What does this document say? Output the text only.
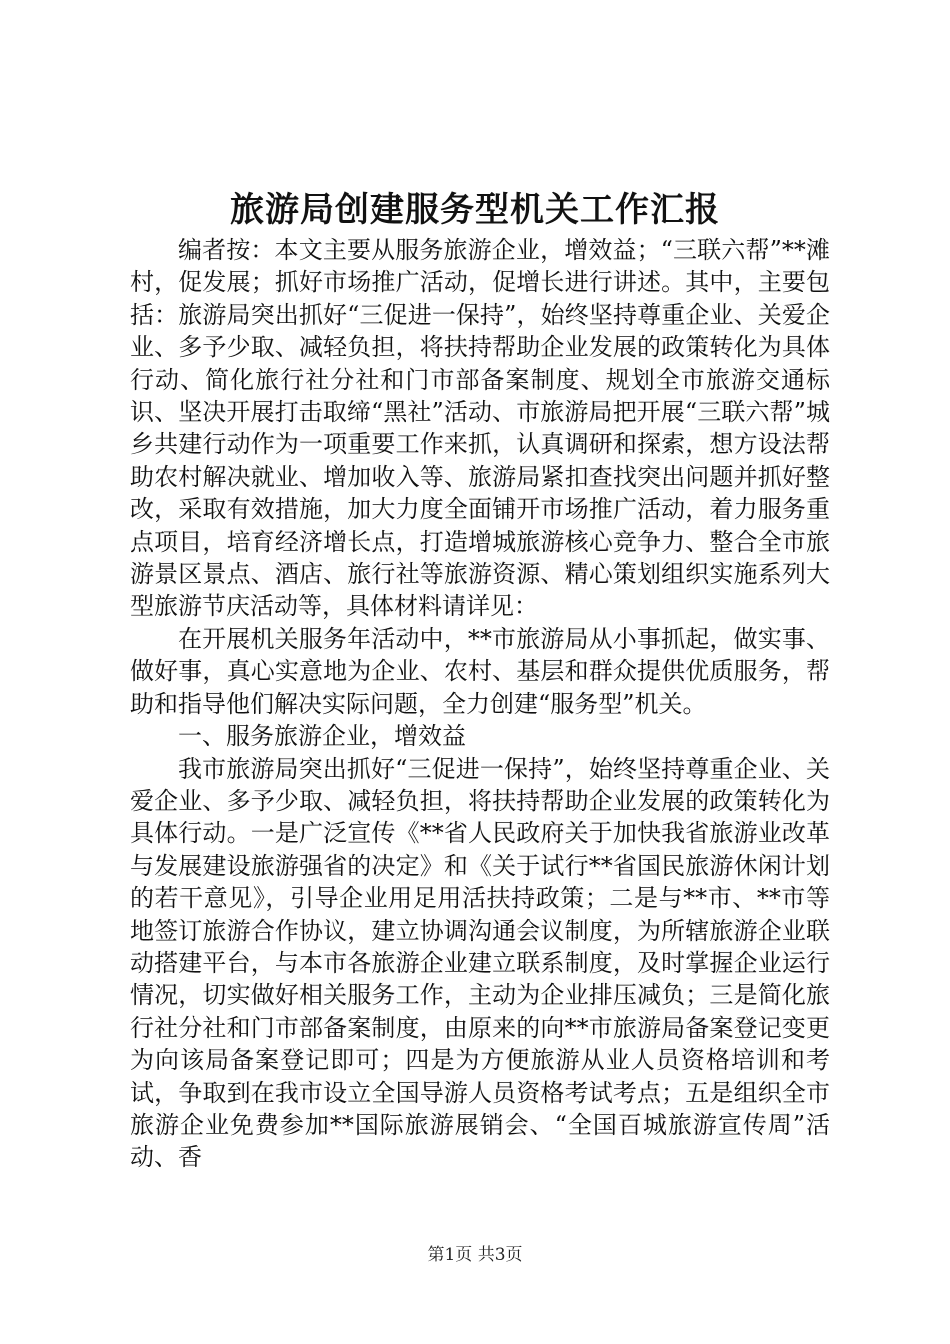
旅游局创建服务型机关工作汇报

编者按：本文主要从服务旅游企业，增效益；“三联六帮”**滩村，促发展；抓好市场推广活动，促增长进行讲述。其中，主要包括：旅游局突出抓好“三促进一保持”，始终坚持尊重企业、关爱企业、多予少取、减轻负担，将扶持帮助企业发展的政策转化为具体行动、简化旅行社分社和门市部备案制度、规划全市旅游交通标识、坚决开展打击取缔“黑社”活动、市旅游局把开展“三联六帮”城乡共建行动作为一项重要工作来抓，认真调研和探索，想方设法帮助农村解决就业、增加收入等、旅游局紧扣查找突出问题并抓好整改，采取有效措施，加大力度全面铺开市场推广活动，着力服务重点项目，培育经济增长点，打造增城旅游核心竞争力、整合全市旅游景区景点、酒店、旅行社等旅游资源、精心策划组织实施系列大型旅游节庆活动等，具体材料请详见：

在开展机关服务年活动中，**市旅游局从小事抓起，做实事、做好事，真心实意地为企业、农村、基层和群众提供优质服务，帮助和指导他们解决实际问题，全力创建“服务型”机关。

一、服务旅游企业，增效益

我市旅游局突出抓好“三促进一保持”，始终坚持尊重企业、关爱企业、多予少取、减轻负担，将扶持帮助企业发展的政策转化为具体行动。一是广泛宣传《**省人民政府关于加快我省旅游业改革与发展建设旅游强省的决定》和《关于试行**省国民旅游休闲计划的若干意见》，引导企业用足用活扶持政策；二是与**市、**市等地签订旅游合作协议，建立协调沟通会议制度，为所辖旅游企业联动搭建平台，与本市各旅游企业建立联系制度，及时掌握企业运行情况，切实做好相关服务工作，主动为企业排压减负；三是简化旅行社分社和门市部备案制度，由原来的向**市旅游局备案登记变更为向该局备案登记即可；四是为方便旅游从业人员资格培训和考试，争取到在我市设立全国导游人员资格考试考点；五是组织全市旅游企业免费参加**国际旅游展销会、“全国百城旅游宣传周”活动、香

第1页 共3页
